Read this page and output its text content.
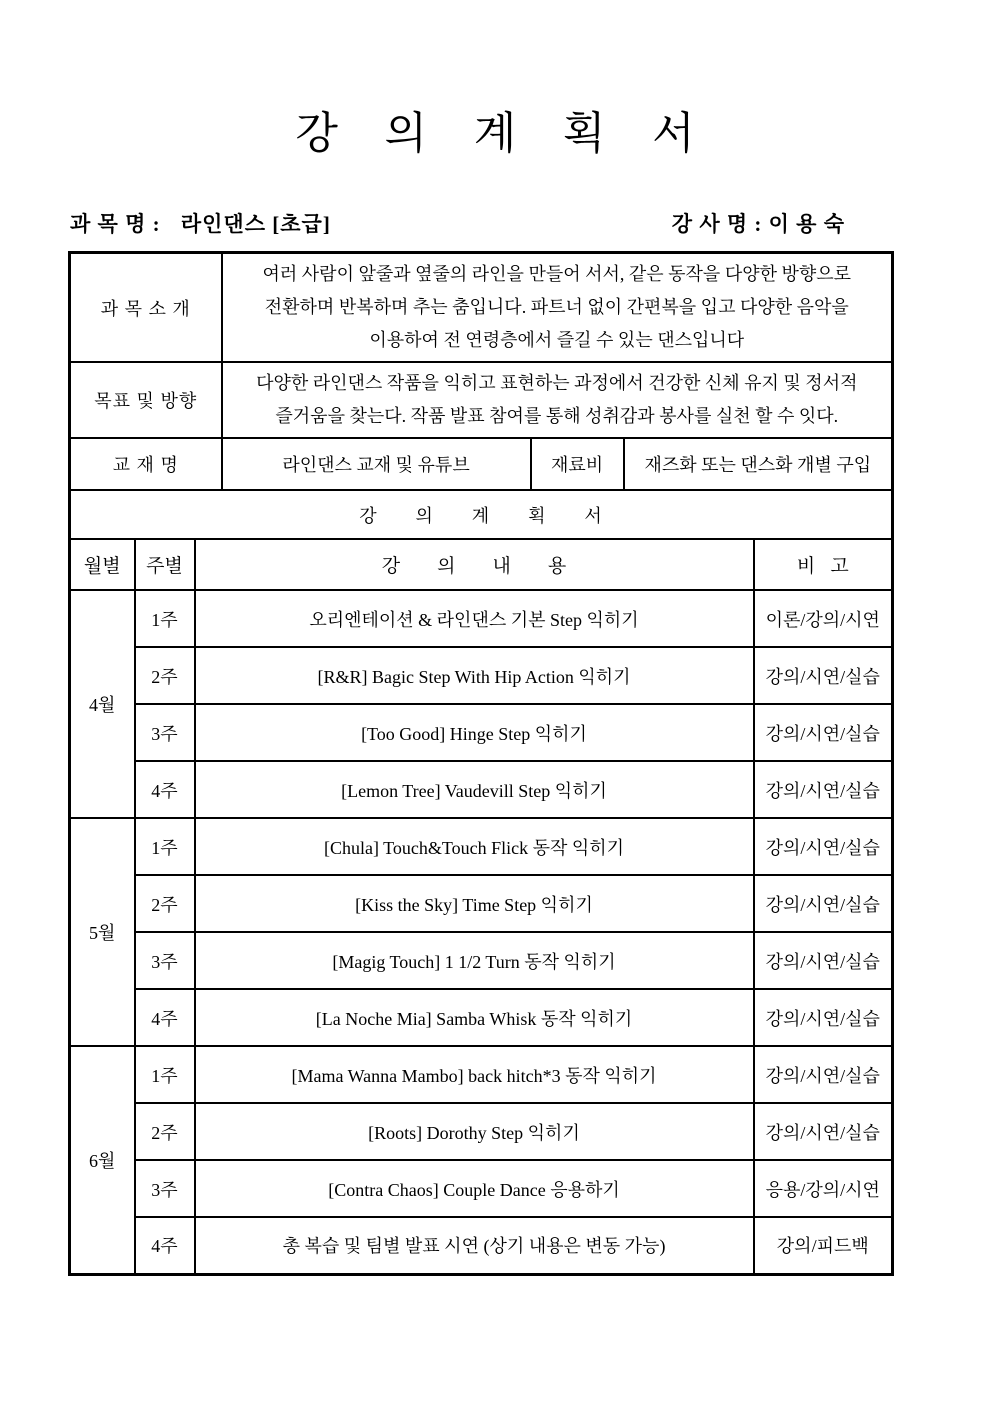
강 의 계 획 서
과 목 명 : 라인댄스 [초급]	강 사 명 : 이 용 숙
과 목 소 개			여러 사람이 앞줄과 옆줄의 라인을 만들어 서서, 같은 동작을 다양한 방향으로 전환하며 반복하며 추는 춤입니다. 파트너 없이 간편복을 입고 다양한 음악을 이용하여 전 연령층에서 즐길 수 있는 댄스입니다			
목표 및 방향			다양한 라인댄스 작품을 익히고 표현하는 과정에서 건강한 신체 유지 및 정서적 즐거움을 찾는다. 작품 발표 참여를 통해 성취감과 봉사를 실천 할 수 잇다.			
교 재 명			라인댄스 교재 및 유튜브	재료비	재즈화 또는 댄스화 개별 구입	
강 의 계 획 서						
월별	주별	강 의 내 용				비 고
4월	1주	오리엔테이션 & 라인댄스 기본 Step 익히기				이론/강의/시연
	2주	[R&R] Bagic Step With Hip Action 익히기				강의/시연/실습
	3주	[Too Good] Hinge Step 익히기				강의/시연/실습
	4주	[Lemon Tree] Vaudevill Step 익히기				강의/시연/실습
5월	1주	[Chula] Touch&Touch Flick 동작 익히기				강의/시연/실습
	2주	[Kiss the Sky] Time Step 익히기				강의/시연/실습
	3주	[Magig Touch] 1 1/2 Turn 동작 익히기				강의/시연/실습
	4주	[La Noche Mia] Samba Whisk 동작 익히기				강의/시연/실습
6월	1주	[Mama Wanna Mambo] back hitch*3 동작 익히기				강의/시연/실습
	2주	[Roots] Dorothy Step 익히기				강의/시연/실습
	3주	[Contra Chaos] Couple Dance 응용하기				응용/강의/시연
	4주	총 복습 및 팀별 발표 시연 (상기 내용은 변동 가능)				강의/피드백
